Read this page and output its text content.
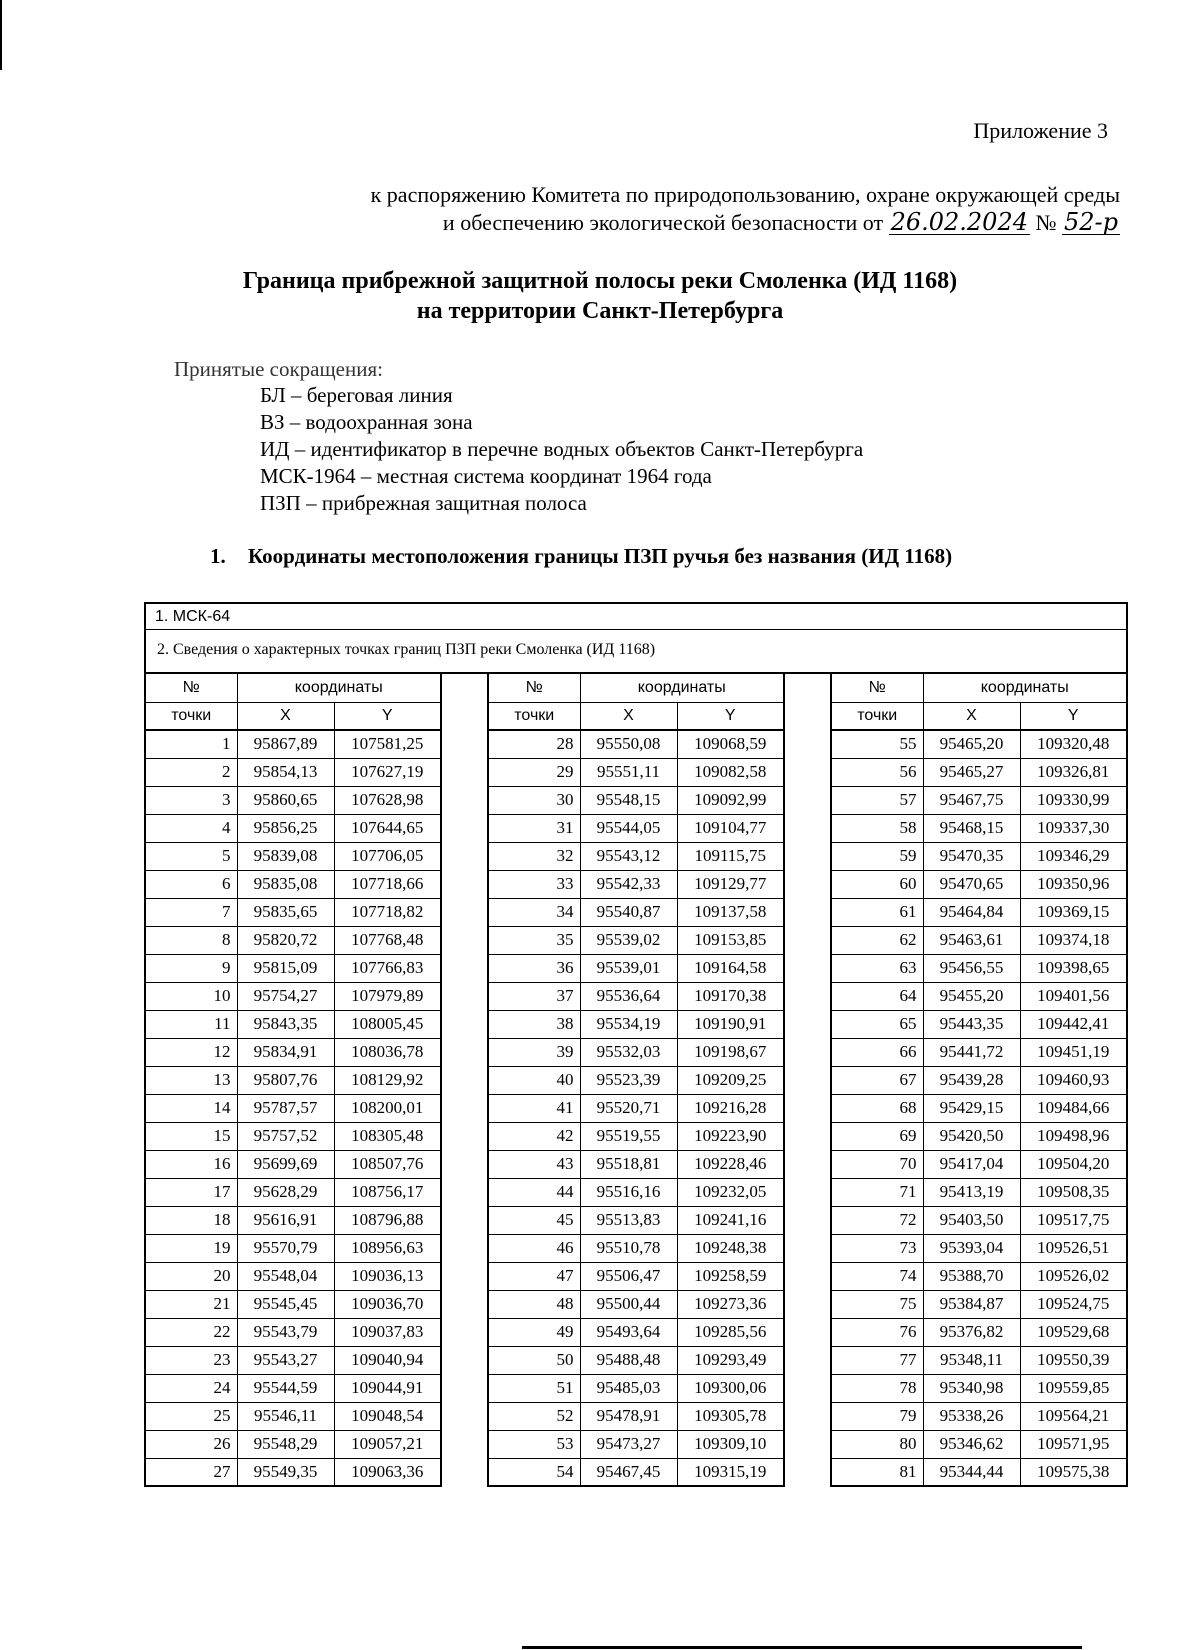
Приложение 3
к распоряжению Комитета по природопользованию, охране окружающей среды
и обеспечению экологической безопасности от 26.02.2024 № 52-р
Граница прибрежной защитной полосы реки Смоленка (ИД 1168)
на территории Санкт-Петербурга
Принятые сокращения:
БЛ – береговая линия
ВЗ – водоохранная зона
ИД – идентификатор в перечне водных объектов Санкт-Петербурга
МСК-1964 – местная система координат 1964 года
ПЗП – прибрежная защитная полоса
1. Координаты местоположения границы ПЗП ручья без названия (ИД 1168)
1. МСК-64
2. Сведения о характерных точках границ ПЗП реки Смоленка (ИД 1168)
№	координаты	
точки	X	Y
1	95867,89	107581,25
2	95854,13	107627,19
3	95860,65	107628,98
4	95856,25	107644,65
5	95839,08	107706,05
6	95835,08	107718,66
7	95835,65	107718,82
8	95820,72	107768,48
9	95815,09	107766,83
10	95754,27	107979,89
11	95843,35	108005,45
12	95834,91	108036,78
13	95807,76	108129,92
14	95787,57	108200,01
15	95757,52	108305,48
16	95699,69	108507,76
17	95628,29	108756,17
18	95616,91	108796,88
19	95570,79	108956,63
20	95548,04	109036,13
21	95545,45	109036,70
22	95543,79	109037,83
23	95543,27	109040,94
24	95544,59	109044,91
25	95546,11	109048,54
26	95548,29	109057,21
27	95549,35	109063,36
№	координаты	
точки	X	Y
28	95550,08	109068,59
29	95551,11	109082,58
30	95548,15	109092,99
31	95544,05	109104,77
32	95543,12	109115,75
33	95542,33	109129,77
34	95540,87	109137,58
35	95539,02	109153,85
36	95539,01	109164,58
37	95536,64	109170,38
38	95534,19	109190,91
39	95532,03	109198,67
40	95523,39	109209,25
41	95520,71	109216,28
42	95519,55	109223,90
43	95518,81	109228,46
44	95516,16	109232,05
45	95513,83	109241,16
46	95510,78	109248,38
47	95506,47	109258,59
48	95500,44	109273,36
49	95493,64	109285,56
50	95488,48	109293,49
51	95485,03	109300,06
52	95478,91	109305,78
53	95473,27	109309,10
54	95467,45	109315,19
№	координаты	
точки	X	Y
55	95465,20	109320,48
56	95465,27	109326,81
57	95467,75	109330,99
58	95468,15	109337,30
59	95470,35	109346,29
60	95470,65	109350,96
61	95464,84	109369,15
62	95463,61	109374,18
63	95456,55	109398,65
64	95455,20	109401,56
65	95443,35	109442,41
66	95441,72	109451,19
67	95439,28	109460,93
68	95429,15	109484,66
69	95420,50	109498,96
70	95417,04	109504,20
71	95413,19	109508,35
72	95403,50	109517,75
73	95393,04	109526,51
74	95388,70	109526,02
75	95384,87	109524,75
76	95376,82	109529,68
77	95348,11	109550,39
78	95340,98	109559,85
79	95338,26	109564,21
80	95346,62	109571,95
81	95344,44	109575,38
